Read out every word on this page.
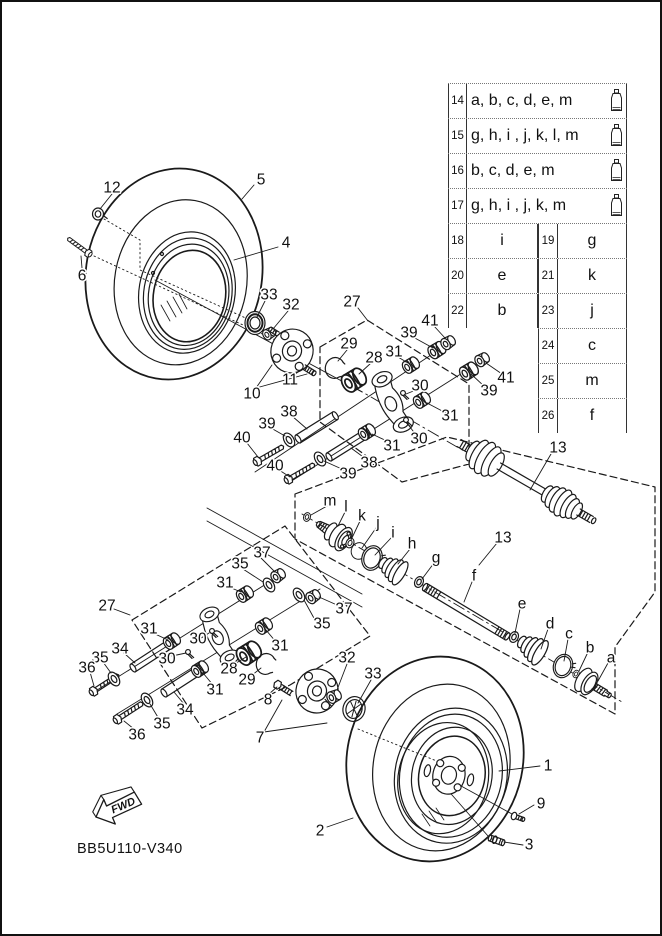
FWD
12
6
5
4
33
32
10
11
27
29
28 31
39
41
30
31
39
41
30
31
38
39
38
39
40
40
13
13
m l
k j
i
h
g
f
e
d
c
b
a
27
37
35
31
31
30
30
34
35
36
31
34
35
36
28
29
37
35
31
8
7
32
33
1
9
2
3
14 a, b, c, d, e, m
15 g, h, i , j, k, l, m
16 b, c, d, e, m
17 g, h, i , j, k, m
18	i	19	g
20	e	21	k
22	b	23	j
24	c
25	m
26	f
BB5U110-V340
